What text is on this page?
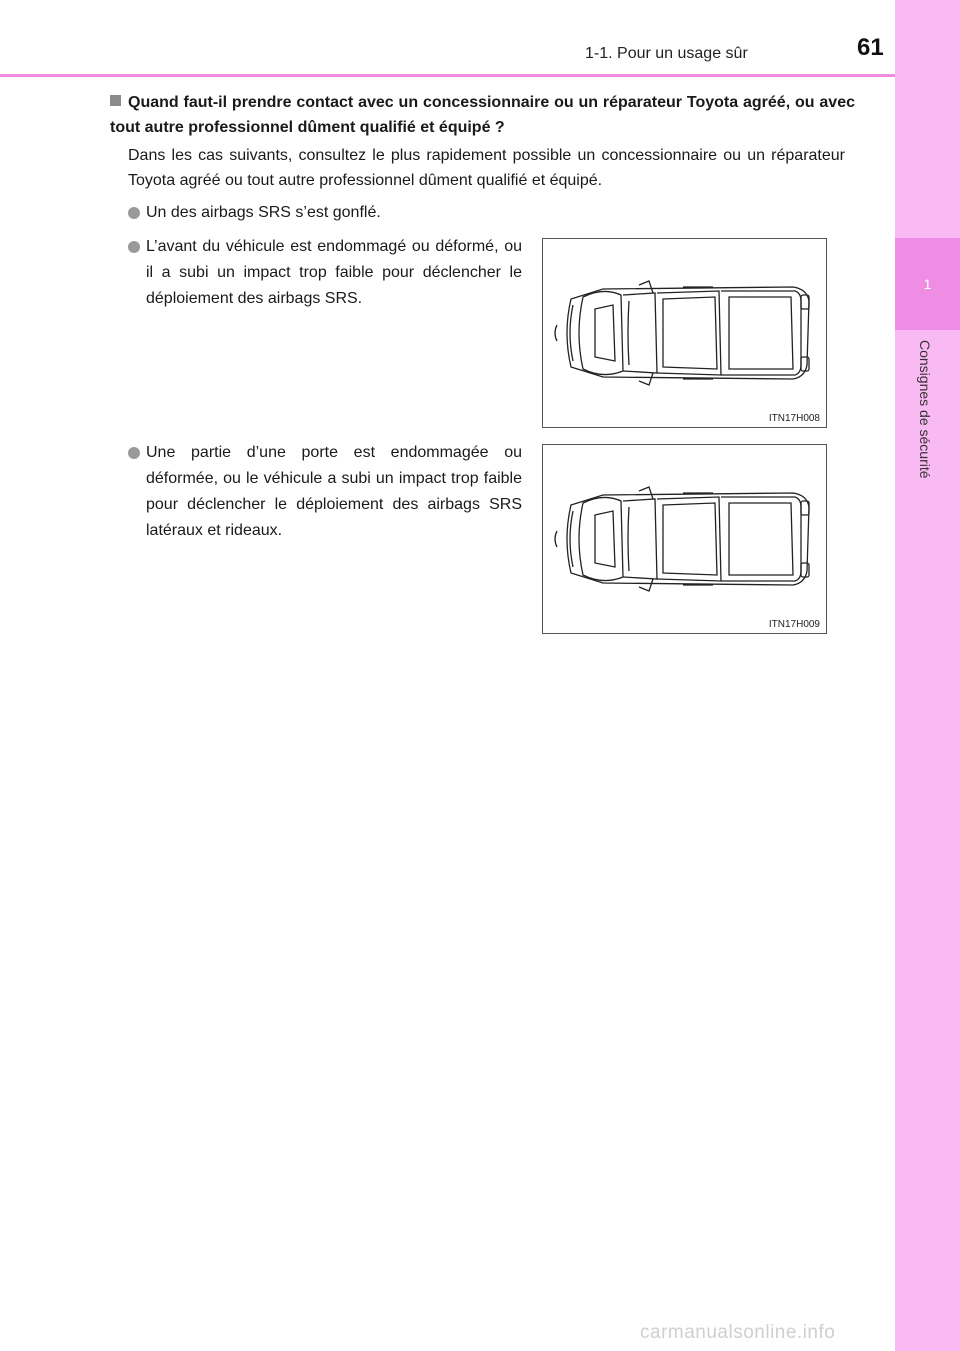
1
Consignes de sécurité
1-1. Pour un usage sûr	61
Quand faut-il prendre contact avec un concessionnaire ou un réparateur Toyota agréé, ou avec tout autre professionnel dûment qualifié et équipé ?
Dans les cas suivants, consultez le plus rapidement possible un concessionnaire ou un réparateur Toyota agréé ou tout autre professionnel dûment qualifié et équipé.
Un des airbags SRS s’est gonflé.
L’avant du véhicule est endommagé ou déformé, ou il a subi un impact trop faible pour déclencher le déploiement des airbags SRS.
Une partie d’une porte est endommagée ou déformée, ou le véhicule a subi un impact trop faible pour déclencher le déploiement des airbags SRS latéraux et rideaux.
ITN17H008
ITN17H009
carmanualsonline.info
